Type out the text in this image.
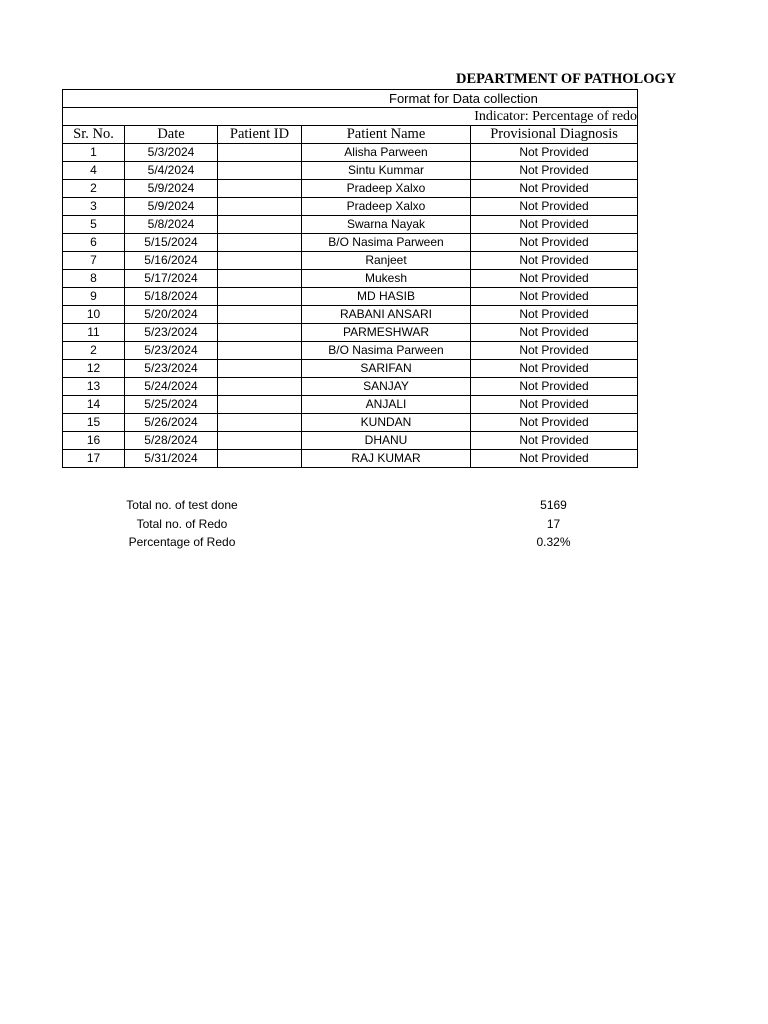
DEPARTMENT OF PATHOLOGY
Format for Data collection				
Indicator: Percentage of redo				
Sr. No.	Date	Patient ID	Patient Name	Provisional Diagnosis
1	5/3/2024		Alisha Parween	Not Provided
4	5/4/2024		Sintu Kummar	Not Provided
2	5/9/2024		Pradeep Xalxo	Not Provided
3	5/9/2024		Pradeep Xalxo	Not Provided
5	5/8/2024		Swarna Nayak	Not Provided
6	5/15/2024		B/O Nasima Parween	Not Provided
7	5/16/2024		Ranjeet	Not Provided
8	5/17/2024		Mukesh	Not Provided
9	5/18/2024		MD HASIB	Not Provided
10	5/20/2024		RABANI ANSARI	Not Provided
11	5/23/2024		PARMESHWAR	Not Provided
2	5/23/2024		B/O Nasima Parween	Not Provided
12	5/23/2024		SARIFAN	Not Provided
13	5/24/2024		SANJAY	Not Provided
14	5/25/2024		ANJALI	Not Provided
15	5/26/2024		KUNDAN	Not Provided
16	5/28/2024		DHANU	Not Provided
17	5/31/2024		RAJ KUMAR	Not Provided
Total no. of test done	5169
Total no. of Redo	17
Percentage of Redo	0.32%
